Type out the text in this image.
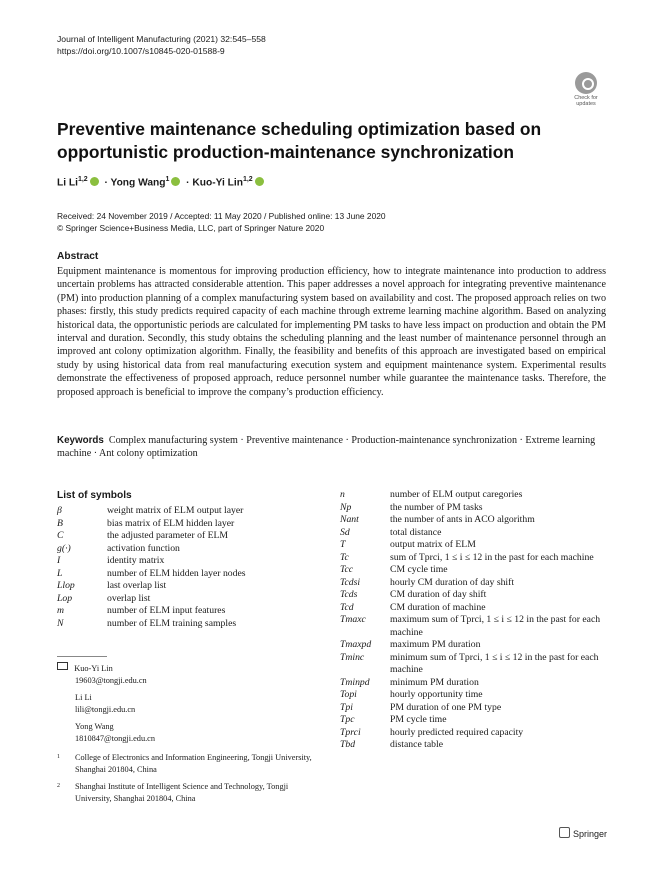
Journal of Intelligent Manufacturing (2021) 32:545–558
https://doi.org/10.1007/s10845-020-01588-9
Check for updates
Preventive maintenance scheduling optimization based on opportunistic production-maintenance synchronization
Li Li$^{1,2}$ · Yong Wang$^1$ · Kuo-Yi Lin$^{1,2}$
Received: 24 November 2019 / Accepted: 11 May 2020 / Published online: 13 June 2020
© Springer Science+Business Media, LLC, part of Springer Nature 2020
Abstract
Equipment maintenance is momentous for improving production efficiency, how to integrate maintenance into production to address uncertain problems has attracted considerable attention. This paper addresses a novel approach for integrating preventive maintenance (PM) into production planning of a complex manufacturing system based on availability and cost. The proposed approach relies on two phases: firstly, this study predicts required capacity of each machine through extreme learning machine algorithm. Based on analyzing historical data, the opportunistic periods are calculated for implementing PM tasks to have less impact on production and obtain the PM interval and duration. Secondly, this study obtains the scheduling planning and the least number of maintenance personnel through an improved ant colony optimization algorithm. Finally, the feasibility and benefits of this approach are investigated based on empirical study by using historical data from real manufacturing execution system and equipment maintenance system. Experimental results demonstrate the effectiveness of proposed approach, reduce personnel number while guarantee the maintenance tasks. Therefore, the proposed approach is beneficial to improve the company’s production efficiency.
Keywords Complex manufacturing system · Preventive maintenance · Production-maintenance synchronization · Extreme learning machine · Ant colony optimization
List of symbols
β	weight matrix of ELM output layer
B	bias matrix of ELM hidden layer
C	the adjusted parameter of ELM
g(·)	activation function
I	identity matrix
L	number of ELM hidden layer nodes
Llop	last overlap list
Lop	overlap list
m	number of ELM input features
N	number of ELM training samples
n	number of ELM output caregories
Np	the number of PM tasks
Nant	the number of ants in ACO algorithm
Sd	total distance
T	output matrix of ELM
Tc	sum of Tprci, 1 ≤ i ≤ 12 in the past for each machine
Tcc	CM cycle time
Tcdsi	hourly CM duration of day shift
Tcds	CM duration of day shift
Tcd	CM duration of machine
Tmaxc	maximum sum of Tprci, 1 ≤ i ≤ 12 in the past for each machine
Tmaxpd	maximum PM duration
Tminc	minimum sum of Tprci, 1 ≤ i ≤ 12 in the past for each machine
Tminpd	minimum PM duration
Topi	hourly opportunity time
Tpi	PM duration of one PM type
Tpc	PM cycle time
Tprci	hourly predicted required capacity
Tbd	distance table
Kuo-Yi Lin
19603@tongji.edu.cn
Li Li
lili@tongji.edu.cn
Yong Wang
1810847@tongji.edu.cn
1 College of Electronics and Information Engineering, Tongji University, Shanghai 201804, China
2 Shanghai Institute of Intelligent Science and Technology, Tongji University, Shanghai 201804, China
Springer
